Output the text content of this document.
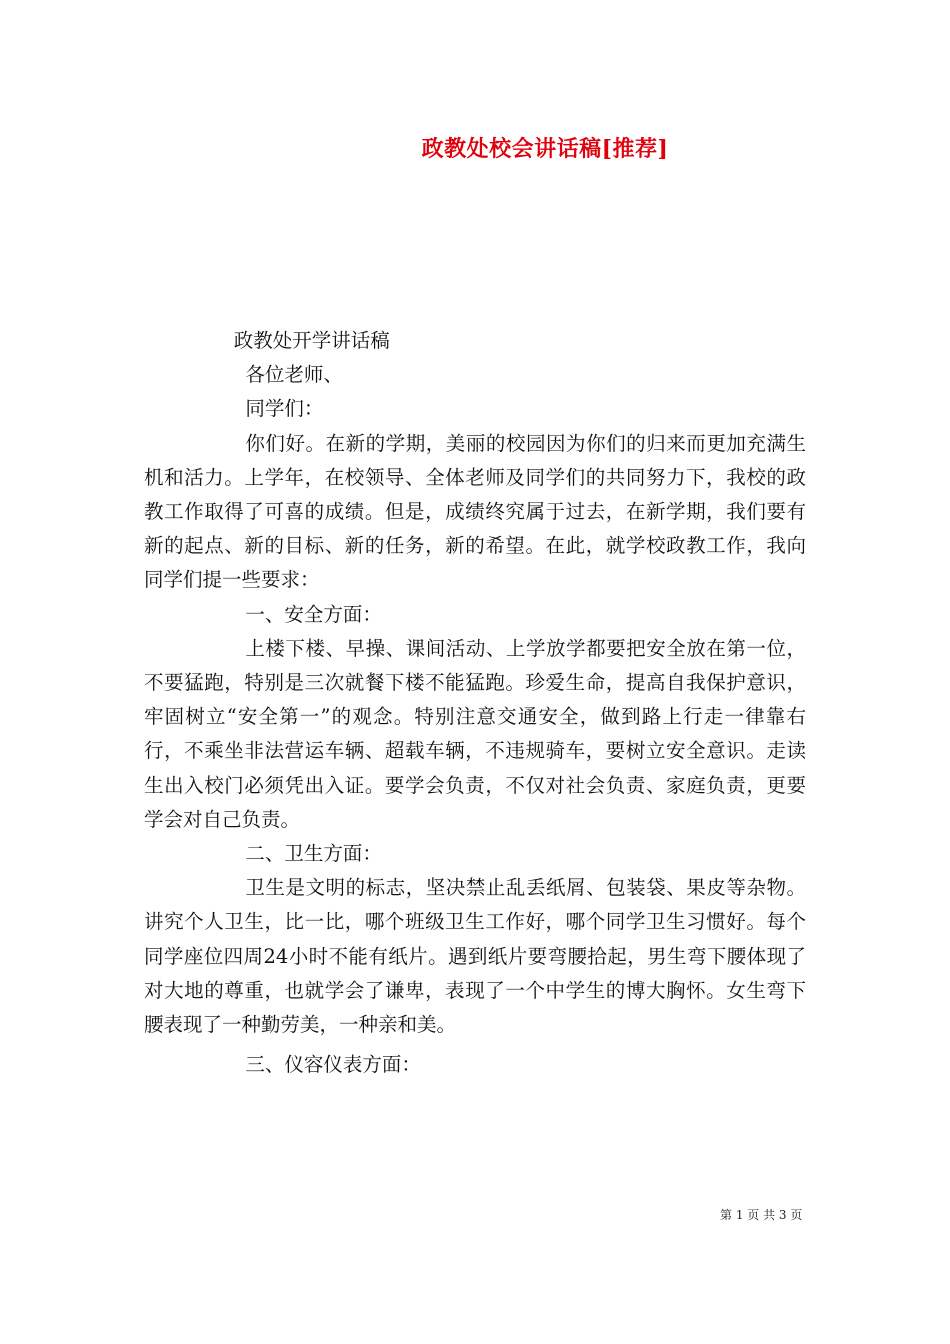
政教处校会讲话稿[推荐]

政教处开学讲话稿

各位老师、

同学们：

你们好。在新的学期，美丽的校园因为你们的归来而更加充满生机和活力。上学年，在校领导、全体老师及同学们的共同努力下，我校的政教工作取得了可喜的成绩。但是，成绩终究属于过去，在新学期，我们要有新的起点、新的目标、新的任务，新的希望。在此，就学校政教工作，我向同学们提一些要求：

一、安全方面：

上楼下楼、早操、课间活动、上学放学都要把安全放在第一位，不要猛跑，特别是三次就餐下楼不能猛跑。珍爱生命，提高自我保护意识，牢固树立“安全第一”的观念。特别注意交通安全，做到路上行走一律靠右行，不乘坐非法营运车辆、超载车辆，不违规骑车，要树立安全意识。走读生出入校门必须凭出入证。要学会负责，不仅对社会负责、家庭负责，更要学会对自己负责。

二、卫生方面：

卫生是文明的标志，坚决禁止乱丢纸屑、包装袋、果皮等杂物。讲究个人卫生，比一比，哪个班级卫生工作好，哪个同学卫生习惯好。每个同学座位四周24小时不能有纸片。遇到纸片要弯腰拾起，男生弯下腰体现了对大地的尊重，也就学会了谦卑，表现了一个中学生的博大胸怀。女生弯下腰表现了一种勤劳美，一种亲和美。

三、仪容仪表方面：

第 1 页 共 3 页
